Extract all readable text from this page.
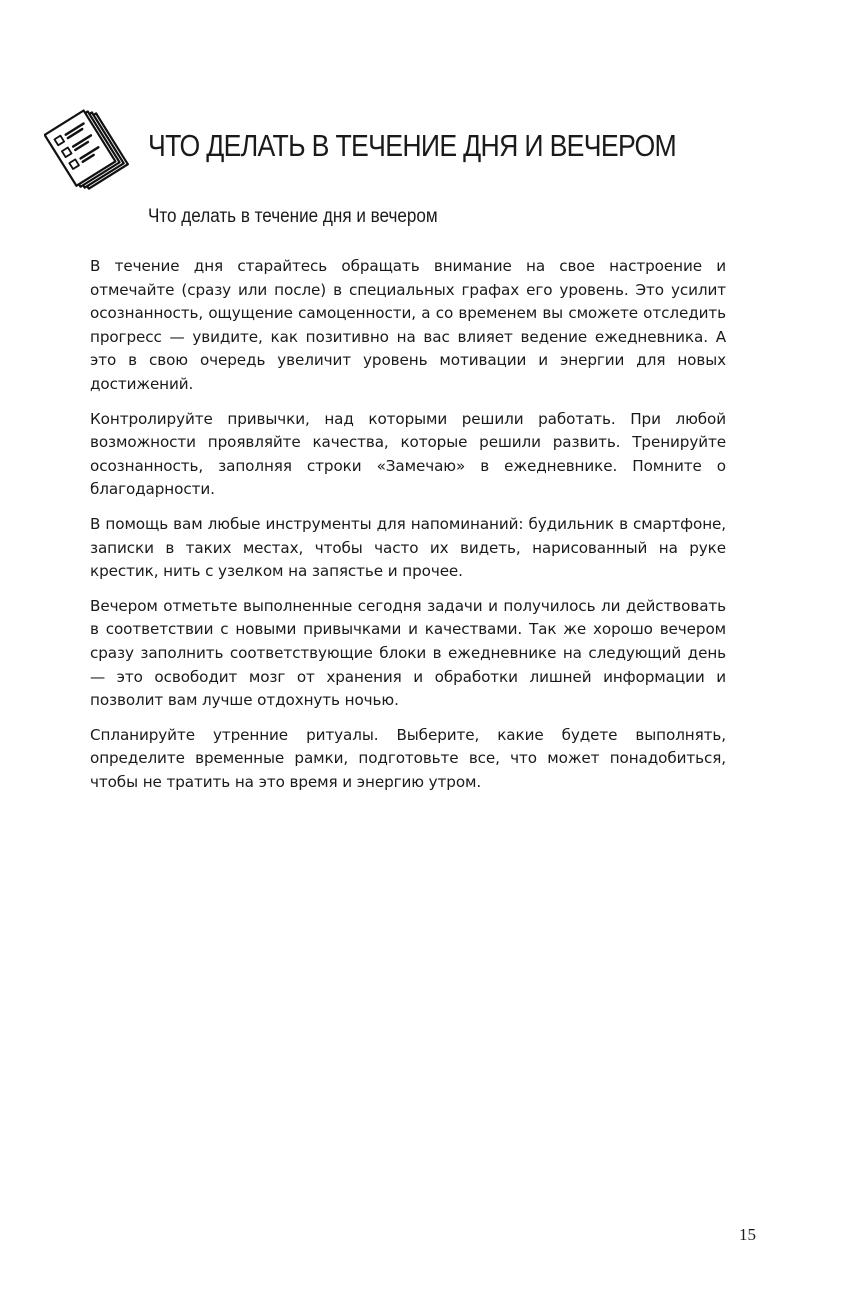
ЧТО ДЕЛАТЬ В ТЕЧЕНИЕ ДНЯ И ВЕЧЕРОМ
Что делать в течение дня и вечером

В течение дня старайтесь обращать внимание на свое настроение и отмечайте (сразу или после) в специальных графах его уровень. Это усилит осознанность, ощущение самоценности, а со временем вы сможете отследить прогресс — увидите, как позитивно на вас влияет ведение ежедневника. А это в свою очередь увеличит уровень мотивации и энергии для новых достижений.

Контролируйте привычки, над которыми решили работать. При любой возможности проявляйте качества, которые решили развить. Тренируйте осознанность, заполняя строки «Замечаю» в ежедневнике. Помните о благодарности.

В помощь вам любые инструменты для напоминаний: будильник в смартфоне, записки в таких местах, чтобы часто их видеть, нарисованный на руке крестик, нить с узелком на запястье и прочее.

Вечером отметьте выполненные сегодня задачи и получилось ли действовать в соответствии с новыми привычками и качествами. Так же хорошо вечером сразу заполнить соответствующие блоки в ежедневнике на следующий день — это освободит мозг от хранения и обработки лишней информации и позволит вам лучше отдохнуть ночью.

Спланируйте утренние ритуалы. Выберите, какие будете выполнять, определите временные рамки, подготовьте все, что может понадобиться, чтобы не тратить на это время и энергию утром.

15
